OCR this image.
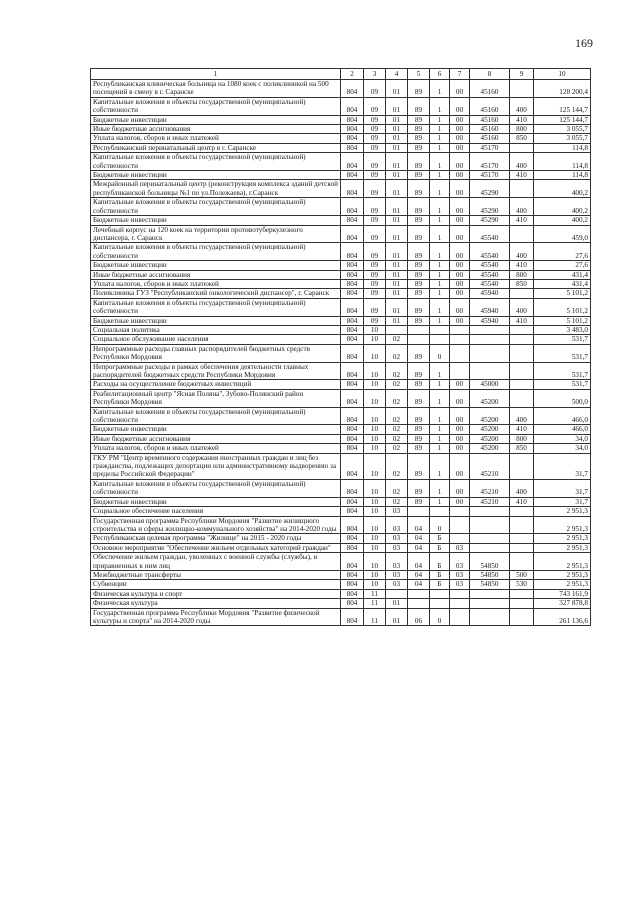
169
1	2	3	4	5	6	7	8	9	10
Республиканская клиническая больница на 1080 коек с поликлиникой на 500 посещений в смену в г. Саранске	804	09	01	89	1	00	45160		128 200,4
Капитальные вложения в объекты государственной (муниципальной) собственности	804	09	01	89	1	00	45160	400	125 144,7
Бюджетные инвестиции	804	09	01	89	1	00	45160	410	125 144,7
Иные бюджетные ассигнования	804	09	01	89	1	00	45160	800	3 055,7
Уплата налогов, сборов и иных платежей	804	09	01	89	1	00	45160	850	3 055,7
Республиканский перинатальный центр в г. Саранске	804	09	01	89	1	00	45170		114,8
Капитальные вложения в объекты государственной (муниципальной) собственности	804	09	01	89	1	00	45170	400	114,8
Бюджетные инвестиции	804	09	01	89	1	00	45170	410	114,8
Межрайонный перинатальный центр (реконструкция комплекса зданий детской республиканской больницы №1 по ул.Полежаева), г.Саранск	804	09	01	89	1	00	45290		400,2
Капитальные вложения в объекты государственной (муниципальной) собственности	804	09	01	89	1	00	45290	400	400,2
Бюджетные инвестиции	804	09	01	89	1	00	45290	410	400,2
Лечебный корпус на 120 коек на территории противотуберкулезного диспансера, г. Саранск	804	09	01	89	1	00	45540		459,0
Капитальные вложения в объекты государственной (муниципальной) собственности	804	09	01	89	1	00	45540	400	27,6
Бюджетные инвестиции	804	09	01	89	1	00	45540	410	27,6
Иные бюджетные ассигнования	804	09	01	89	1	00	45540	800	431,4
Уплата налогов, сборов и иных платежей	804	09	01	89	1	00	45540	850	431,4
Поликлиника ГУЗ "Республиканский онкологический диспансер", г. Саранск	804	09	01	89	1	00	45940		5 101,2
Капитальные вложения в объекты государственной (муниципальной) собственности	804	09	01	89	1	00	45940	400	5 101,2
Бюджетные инвестиции	804	09	01	89	1	00	45940	410	5 101,2
Социальная политика	804	10							3 483,0
Социальное обслуживание населения	804	10	02						531,7
Непрограммные расходы главных распорядителей бюджетных средств Республики Мордовия	804	10	02	89	0				531,7
Непрограммные расходы в рамках обеспечения деятельности главных распорядителей бюджетных средств Республики Мордовия	804	10	02	89	1				531,7
Расходы на осуществление бюджетных инвестиций	804	10	02	89	1	00	45000		531,7
Реабилитационный центр "Ясная Поляна", Зубово-Полянский район Республики Мордовия	804	10	02	89	1	00	45200		500,0
Капитальные вложения в объекты государственной (муниципальной) собственности	804	10	02	89	1	00	45200	400	466,0
Бюджетные инвестиции	804	10	02	89	1	00	45200	410	466,0
Иные бюджетные ассигнования	804	10	02	89	1	00	45200	800	34,0
Уплата налогов, сборов и иных платежей	804	10	02	89	1	00	45200	850	34,0
ГКУ РМ "Центр временного содержания иностранных граждан и лиц без гражданства, подлежащих депортации или административному выдворению за пределы Российской Федерации"	804	10	02	89	1	00	45210		31,7
Капитальные вложения в объекты государственной (муниципальной) собственности	804	10	02	89	1	00	45210	400	31,7
Бюджетные инвестиции	804	10	02	89	1	00	45210	410	31,7
Социальное обеспечение населения	804	10	03						2 951,3
Государственная программа Республики Мордовия "Развитие жилищного строительства и сферы жилищно-коммунального хозяйства" на 2014-2020 годы	804	10	03	04	0				2 951,3
Республиканская целевая программа "Жилище" на 2015 - 2020 годы	804	10	03	04	Б				2 951,3
Основное мероприятие "Обеспечение жильем отдельных категорий граждан"	804	10	03	04	Б	03			2 951,3
Обеспечение жильем граждан, уволенных с военной службы (службы), и приравненных к ним лиц	804	10	03	04	Б	03	54850		2 951,3
Межбюджетные трансферты	804	10	03	04	Б	03	54850	500	2 951,3
Субвенции	804	10	03	04	Б	03	54850	530	2 951,3
Физическая культура и спорт	804	11							743 161,9
Физическая культура	804	11	01						327 878,8
Государственная программа Республики Мордовия "Развитие физической культуры и спорта" на 2014-2020 годы	804	11	01	06	0				261 136,6
